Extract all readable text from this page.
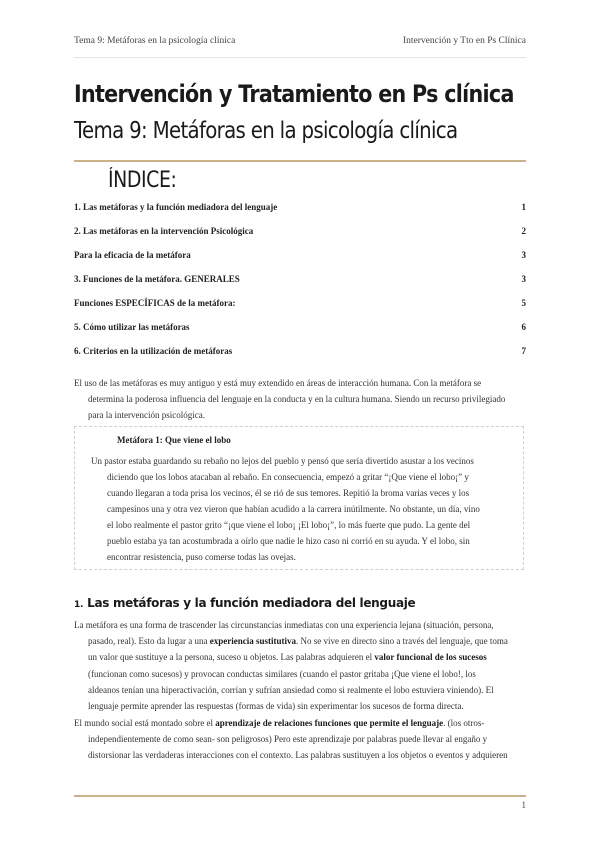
Tema 9: Metáforas en la psicología clínica	Intervención y Tto en Ps Clínica
Intervención y Tratamiento en Ps clínica
Tema 9: Metáforas en la psicología clínica
ÍNDICE:
1. Las metáforas y la función mediadora del lenguaje	1
2. Las metáforas en la intervención Psicológica	2
Para la eficacia de la metáfora	3
3. Funciones de la metáfora. GENERALES	3
Funciones ESPECÍFICAS de la metáfora:	5
5. Cómo utilizar las metáforas	6
6. Criterios en la utilización de metáforas	7
El uso de las metáforas es muy antiguo y está muy extendido en áreas de interacción humana. Con la metáfora se
determina la poderosa influencia del lenguaje en la conducta y en la cultura humana. Siendo un recurso privilegiado
para la intervención psicológica.
Metáfora 1: Que viene el lobo
Un pastor estaba guardando su rebaño no lejos del pueblo y pensó que sería divertido asustar a los vecinos
diciendo que los lobos atacaban al rebaño. En consecuencia, empezó a gritar “¡Que viene el lobo¡” y
cuando llegaran a toda prisa los vecinos, él se rió de sus temores. Repitió la broma varias veces y los
campesinos una y otra vez vieron que habían acudido a la carrera inútilmente. No obstante, un día, vino
el lobo realmente el pastor grito “¡que viene el lobo¡ ¡El lobo¡”, lo más fuerte que pudo. La gente del
pueblo estaba ya tan acostumbrada a oírlo que nadie le hizo caso ni corrió en su ayuda. Y el lobo, sin
encontrar resistencia, puso comerse todas las ovejas.
1. Las metáforas y la función mediadora del lenguaje
La metáfora es una forma de trascender las circunstancias inmediatas con una experiencia lejana (situación, persona,
pasado, real). Esto da lugar a una experiencia sustitutiva. No se vive en directo sino a través del lenguaje, que toma
un valor que sustituye a la persona, suceso u objetos. Las palabras adquieren el valor funcional de los sucesos
(funcionan como sucesos) y provocan conductas similares (cuando el pastor gritaba ¡Que viene el lobo!, los
aldeanos tenían una hiperactivación, corrían y sufrían ansiedad como si realmente el lobo estuviera viniendo). El
lenguaje permite aprender las respuestas (formas de vida) sin experimentar los sucesos de forma directa.
El mundo social está montado sobre el aprendizaje de relaciones funciones que permite el lenguaje. (los otros-
independientemente de como sean- son peligrosos) Pero este aprendizaje por palabras puede llevar al engaño y
distorsionar las verdaderas interacciones con el contexto. Las palabras sustituyen a los objetos o eventos y adquieren
1
